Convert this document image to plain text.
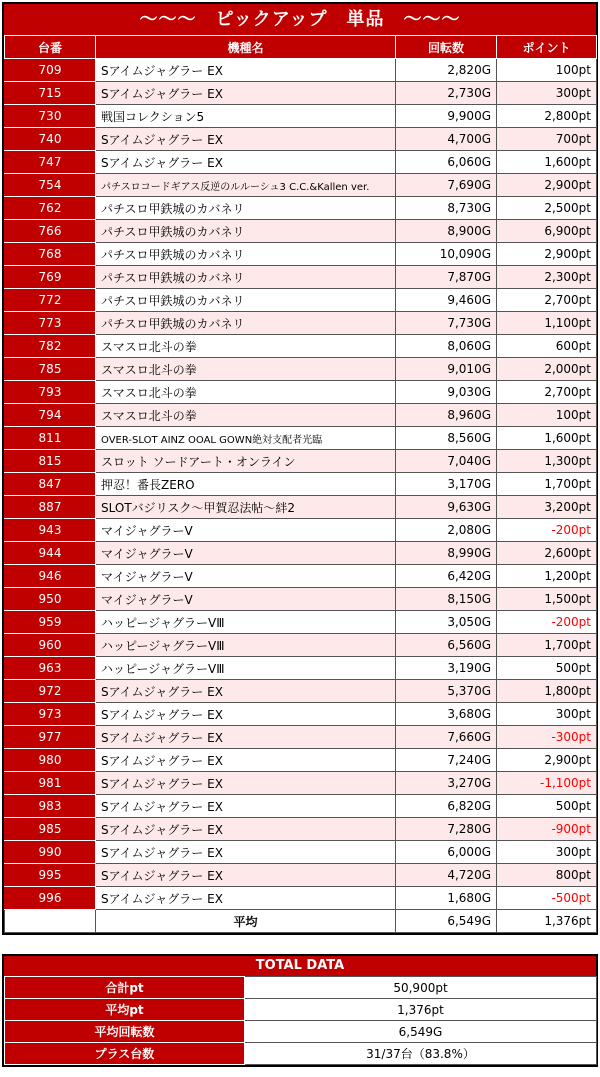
～～～　ピックアップ　単品　～～～
台番	機種名	回転数	ポイント
709	Sアイムジャグラー EX	2,820G	100pt
715	Sアイムジャグラー EX	2,730G	300pt
730	戦国コレクション5	9,900G	2,800pt
740	Sアイムジャグラー EX	4,700G	700pt
747	Sアイムジャグラー EX	6,060G	1,600pt
754	パチスロコードギアス反逆のルルーシュ3 C.C.&Kallen ver.	7,690G	2,900pt
762	パチスロ甲鉄城のカバネリ	8,730G	2,500pt
766	パチスロ甲鉄城のカバネリ	8,900G	6,900pt
768	パチスロ甲鉄城のカバネリ	10,090G	2,900pt
769	パチスロ甲鉄城のカバネリ	7,870G	2,300pt
772	パチスロ甲鉄城のカバネリ	9,460G	2,700pt
773	パチスロ甲鉄城のカバネリ	7,730G	1,100pt
782	スマスロ北斗の拳	8,060G	600pt
785	スマスロ北斗の拳	9,010G	2,000pt
793	スマスロ北斗の拳	9,030G	2,700pt
794	スマスロ北斗の拳	8,960G	100pt
811	OVER-SLOT AINZ OOAL GOWN絶対支配者光臨	8,560G	1,600pt
815	スロット ソードアート・オンライン	7,040G	1,300pt
847	押忍！番長ZERO	3,170G	1,700pt
887	SLOTバジリスク～甲賀忍法帖～絆2	9,630G	3,200pt
943	マイジャグラーV	2,080G	-200pt
944	マイジャグラーV	8,990G	2,600pt
946	マイジャグラーV	6,420G	1,200pt
950	マイジャグラーV	8,150G	1,500pt
959	ハッピージャグラーVⅢ	3,050G	-200pt
960	ハッピージャグラーVⅢ	6,560G	1,700pt
963	ハッピージャグラーVⅢ	3,190G	500pt
972	Sアイムジャグラー EX	5,370G	1,800pt
973	Sアイムジャグラー EX	3,680G	300pt
977	Sアイムジャグラー EX	7,660G	-300pt
980	Sアイムジャグラー EX	7,240G	2,900pt
981	Sアイムジャグラー EX	3,270G	-1,100pt
983	Sアイムジャグラー EX	6,820G	500pt
985	Sアイムジャグラー EX	7,280G	-900pt
990	Sアイムジャグラー EX	6,000G	300pt
995	Sアイムジャグラー EX	4,720G	800pt
996	Sアイムジャグラー EX	1,680G	-500pt
	平均	6,549G	1,376pt
TOTAL DATA
合計pt	50,900pt
平均pt	1,376pt
平均回転数	6,549G
プラス台数	31/37台（83.8%）
